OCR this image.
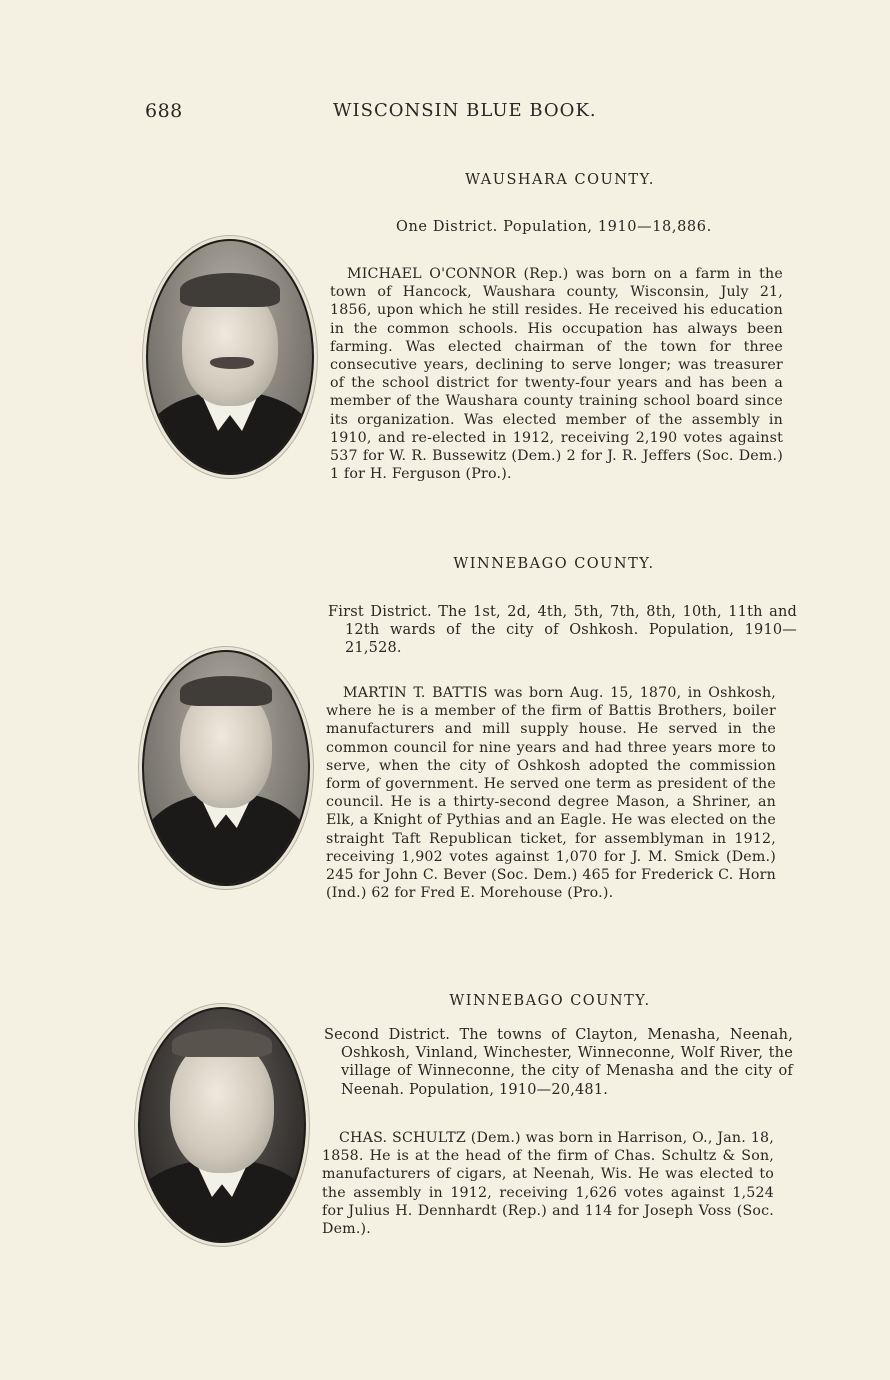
688	WISCONSIN BLUE BOOK.
WAUSHARA COUNTY.
One District. Population, 1910—18,886.
MICHAEL O'CONNOR (Rep.) was born on a farm in the town of Hancock, Waushara county, Wisconsin, July 21, 1856, upon which he still resides. He received his education in the common schools. His occupation has always been farming. Was elected chairman of the town for three consecutive years, declining to serve longer; was treasurer of the school district for twenty-four years and has been a member of the Waushara county training school board since its organization. Was elected member of the assembly in 1910, and re-elected in 1912, receiving 2,190 votes against 537 for W. R. Bussewitz (Dem.) 2 for J. R. Jeffers (Soc. Dem.) 1 for H. Ferguson (Pro.).
WINNEBAGO COUNTY.
First District. The 1st, 2d, 4th, 5th, 7th, 8th, 10th, 11th and 12th wards of the city of Oshkosh. Population, 1910—21,528.
MARTIN T. BATTIS was born Aug. 15, 1870, in Oshkosh, where he is a member of the firm of Battis Brothers, boiler manufacturers and mill supply house. He served in the common council for nine years and had three years more to serve, when the city of Oshkosh adopted the commission form of government. He served one term as president of the council. He is a thirty-second degree Mason, a Shriner, an Elk, a Knight of Pythias and an Eagle. He was elected on the straight Taft Republican ticket, for assemblyman in 1912, receiving 1,902 votes against 1,070 for J. M. Smick (Dem.) 245 for John C. Bever (Soc. Dem.) 465 for Frederick C. Horn (Ind.) 62 for Fred E. Morehouse (Pro.).
WINNEBAGO COUNTY.
Second District. The towns of Clayton, Menasha, Neenah, Oshkosh, Vinland, Winchester, Winneconne, Wolf River, the village of Winneconne, the city of Menasha and the city of Neenah. Population, 1910—20,481.
CHAS. SCHULTZ (Dem.) was born in Harrison, O., Jan. 18, 1858. He is at the head of the firm of Chas. Schultz & Son, manufacturers of cigars, at Neenah, Wis. He was elected to the assembly in 1912, receiving 1,626 votes against 1,524 for Julius H. Dennhardt (Rep.) and 114 for Joseph Voss (Soc. Dem.).
